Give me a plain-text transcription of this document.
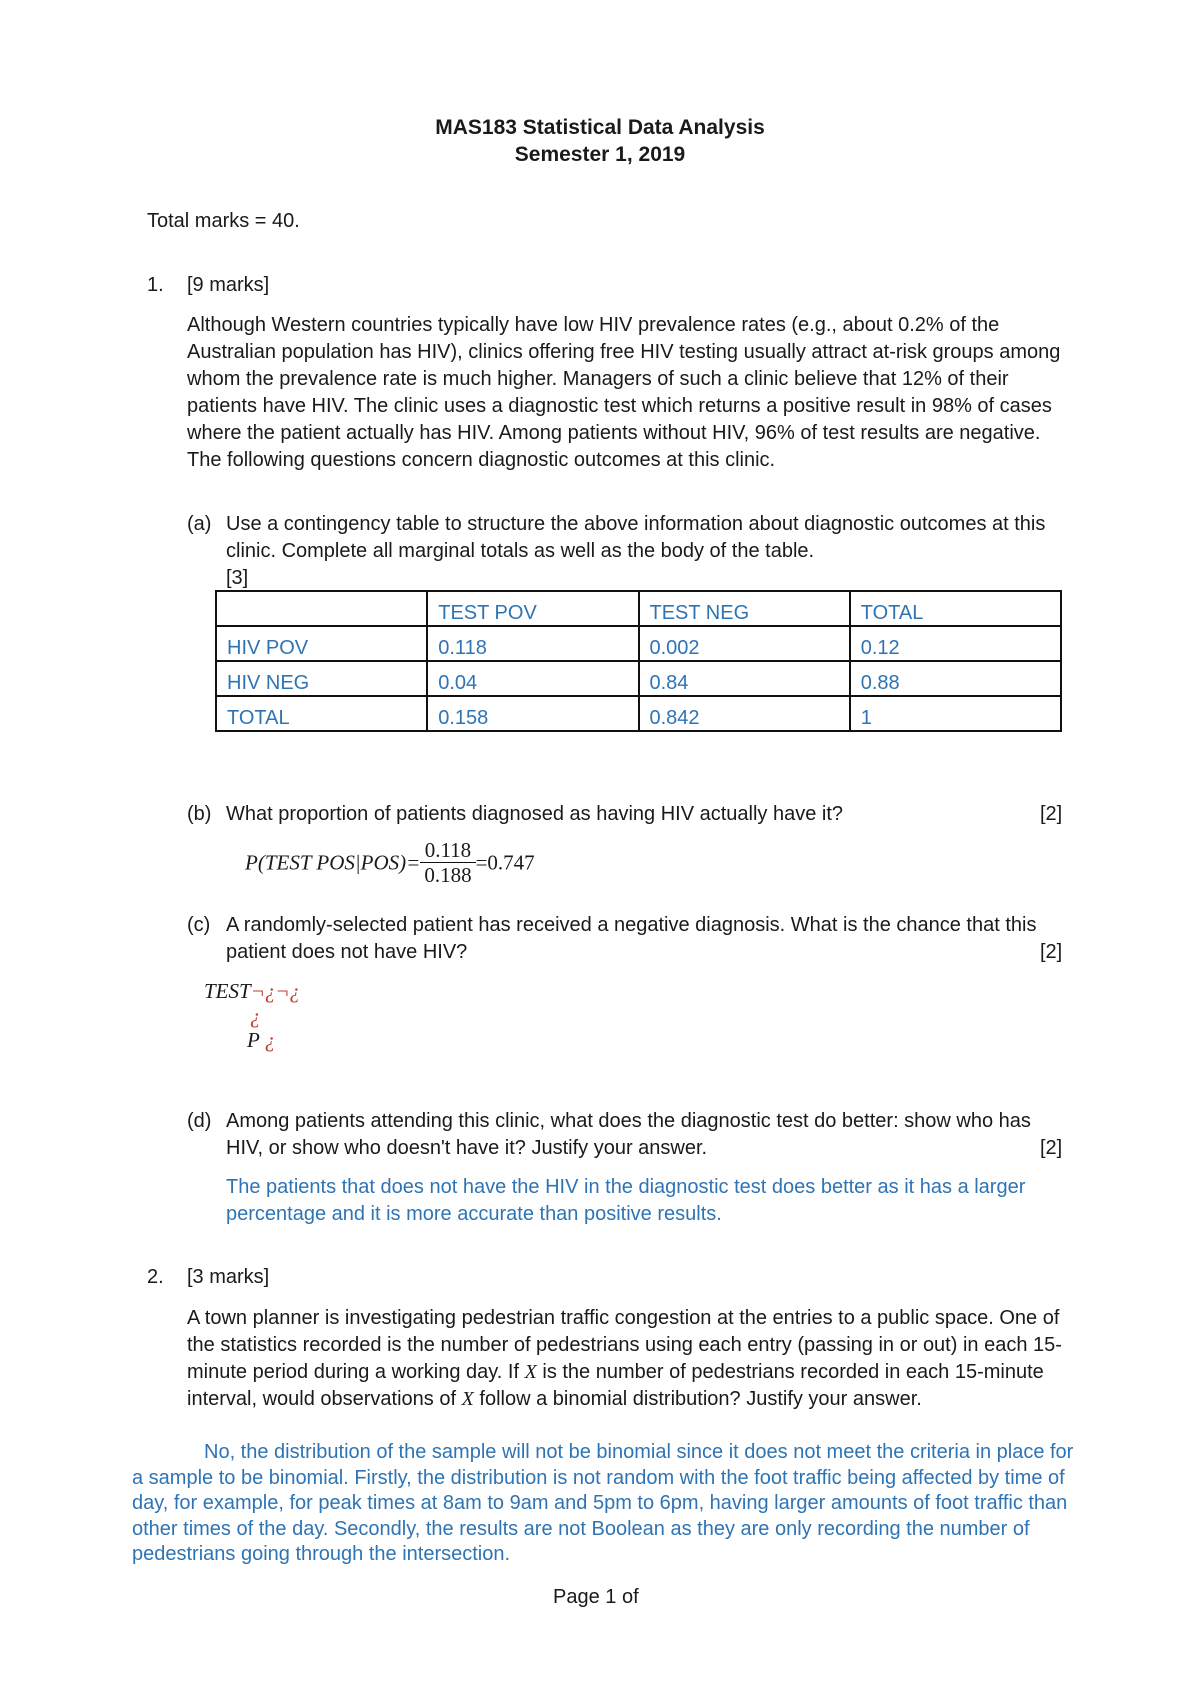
MAS183 Statistical Data Analysis
Semester 1, 2019
Total marks = 40.
1. [9 marks]
Although Western countries typically have low HIV prevalence rates (e.g., about 0.2% of the Australian population has HIV), clinics offering free HIV testing usually attract at-risk groups among whom the prevalence rate is much higher. Managers of such a clinic believe that 12% of their patients have HIV. The clinic uses a diagnostic test which returns a positive result in 98% of cases where the patient actually has HIV. Among patients without HIV, 96% of test results are negative. The following questions concern diagnostic outcomes at this clinic.
(a) Use a contingency table to structure the above information about diagnostic outcomes at this clinic. Complete all marginal totals as well as the body of the table.
[3]
	TEST POV	TEST NEG	TOTAL
HIV POV	0.118	0.002	0.12
HIV NEG	0.04	0.84	0.88
TOTAL	0.158	0.842	1
(b) What proportion of patients diagnosed as having HIV actually have it?	[2]
P(TEST $POS|POS)= \frac{0.118}{0.188} =0.747$
(c) A randomly-selected patient has received a negative diagnosis. What is the chance that this patient does not have HIV?	[2]
TEST¬¿¬¿
¿
P ¿
(d) Among patients attending this clinic, what does the diagnostic test do better: show who has HIV, or show who doesn't have it? Justify your answer.	[2]
The patients that does not have the HIV in the diagnostic test does better as it has a larger percentage and it is more accurate than positive results.
2. [3 marks]
A town planner is investigating pedestrian traffic congestion at the entries to a public space. One of the statistics recorded is the number of pedestrians using each entry (passing in or out) in each 15-minute period during a working day. If X is the number of pedestrians recorded in each 15-minute interval, would observations of X follow a binomial distribution? Justify your answer.
No, the distribution of the sample will not be binomial since it does not meet the criteria in place for a sample to be binomial. Firstly, the distribution is not random with the foot traffic being affected by time of day, for example, for peak times at 8am to 9am and 5pm to 6pm, having larger amounts of foot traffic than other times of the day. Secondly, the results are not Boolean as they are only recording the number of pedestrians going through the intersection.
Page 1 of
